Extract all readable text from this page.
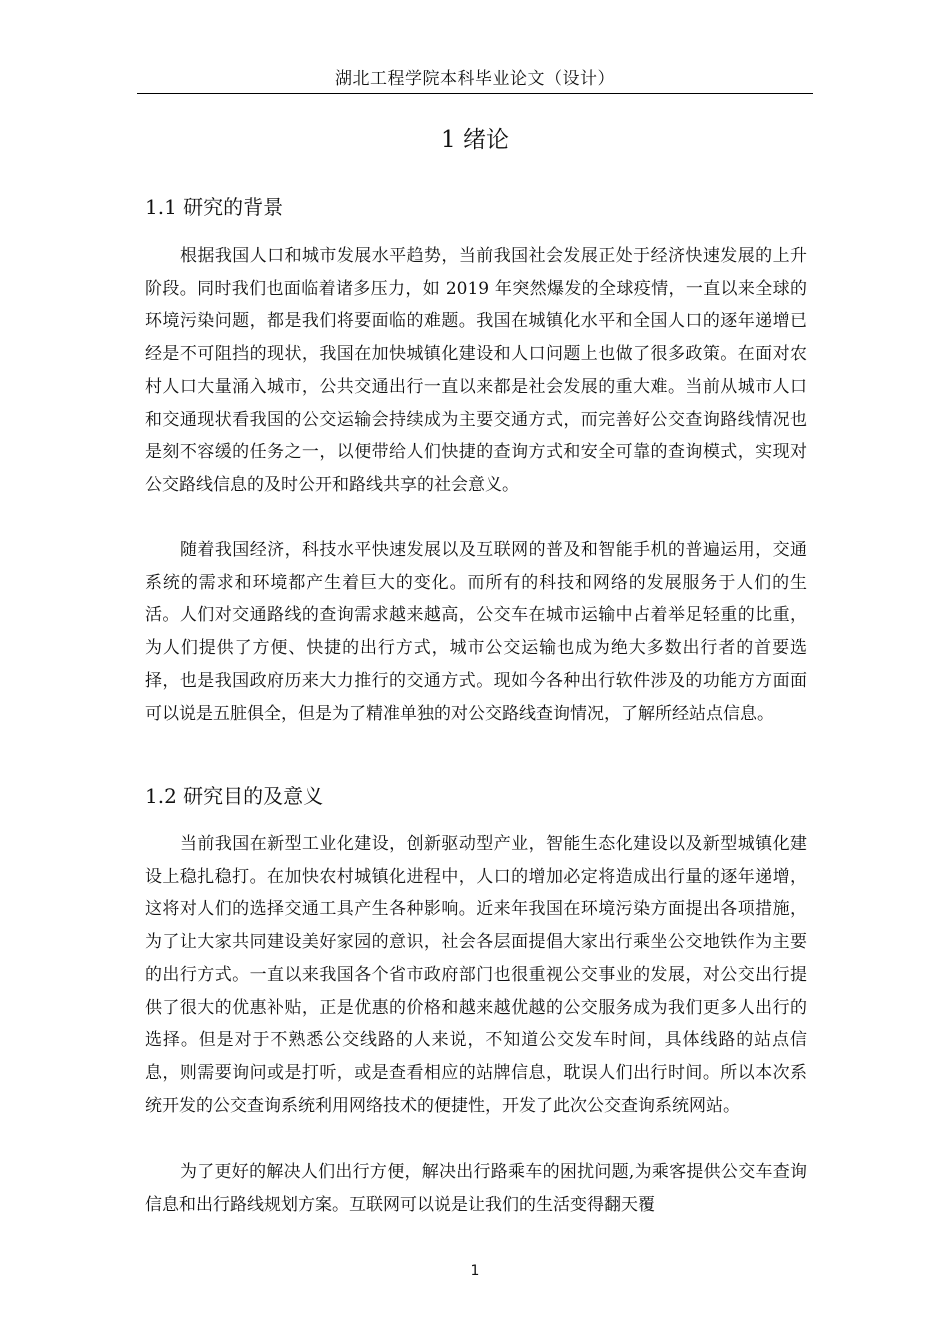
湖北工程学院本科毕业论文（设计）
1 绪论
1.1 研究的背景

根据我国人口和城市发展水平趋势，当前我国社会发展正处于经济快速发展的上升阶段。同时我们也面临着诸多压力，如 2019 年突然爆发的全球疫情，一直以来全球的环境污染问题，都是我们将要面临的难题。我国在城镇化水平和全国人口的逐年递增已经是不可阻挡的现状，我国在加快城镇化建设和人口问题上也做了很多政策。在面对农村人口大量涌入城市，公共交通出行一直以来都是社会发展的重大难。当前从城市人口和交通现状看我国的公交运输会持续成为主要交通方式，而完善好公交查询路线情况也是刻不容缓的任务之一，以便带给人们快捷的查询方式和安全可靠的查询模式，实现对公交路线信息的及时公开和路线共享的社会意义。

随着我国经济，科技水平快速发展以及互联网的普及和智能手机的普遍运用，交通系统的需求和环境都产生着巨大的变化。而所有的科技和网络的发展服务于人们的生活。人们对交通路线的查询需求越来越高，公交车在城市运输中占着举足轻重的比重，为人们提供了方便、快捷的出行方式，城市公交运输也成为绝大多数出行者的首要选择，也是我国政府历来大力推行的交通方式。现如今各种出行软件涉及的功能方方面面可以说是五脏俱全，但是为了精准单独的对公交路线查询情况，了解所经站点信息。

1.2 研究目的及意义

当前我国在新型工业化建设，创新驱动型产业，智能生态化建设以及新型城镇化建设上稳扎稳打。在加快农村城镇化进程中，人口的增加必定将造成出行量的逐年递增，这将对人们的选择交通工具产生各种影响。近来年我国在环境污染方面提出各项措施，为了让大家共同建设美好家园的意识，社会各层面提倡大家出行乘坐公交地铁作为主要的出行方式。一直以来我国各个省市政府部门也很重视公交事业的发展，对公交出行提供了很大的优惠补贴，正是优惠的价格和越来越优越的公交服务成为我们更多人出行的选择。但是对于不熟悉公交线路的人来说，不知道公交发车时间，具体线路的站点信息，则需要询问或是打听，或是查看相应的站牌信息，耽误人们出行时间。所以本次系统开发的公交查询系统利用网络技术的便捷性，开发了此次公交查询系统网站。

为了更好的解决人们出行方便，解决出行路乘车的困扰问题,为乘客提供公交车查询信息和出行路线规划方案。互联网可以说是让我们的生活变得翻天覆

1
